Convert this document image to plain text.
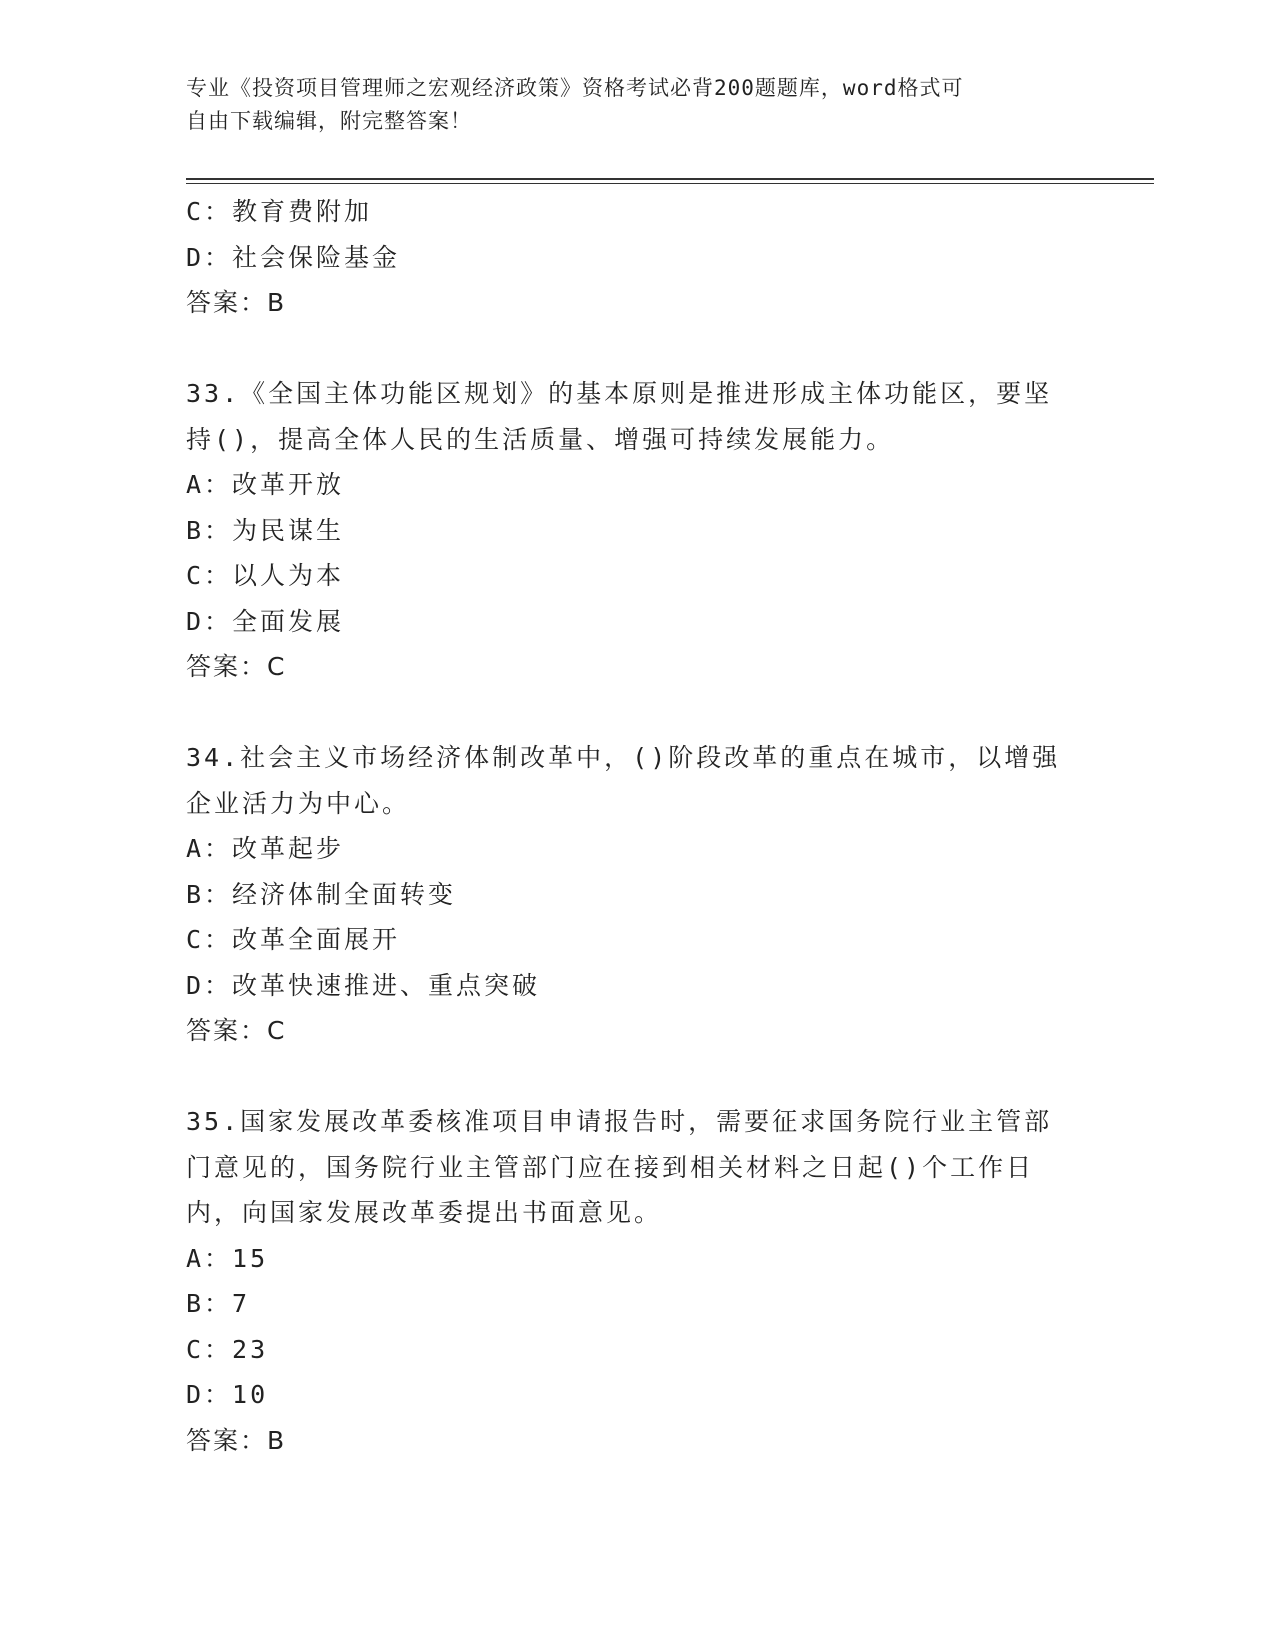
专业《投资项目管理师之宏观经济政策》资格考试必背200题题库，word格式可
自由下载编辑，附完整答案！
C：教育费附加
D：社会保险基金
答案：B
33.《全国主体功能区规划》的基本原则是推进形成主体功能区，要坚
持()，提高全体人民的生活质量、增强可持续发展能力。
A：改革开放
B：为民谋生
C：以人为本
D：全面发展
答案：C
34.社会主义市场经济体制改革中，()阶段改革的重点在城市，以增强
企业活力为中心。
A：改革起步
B：经济体制全面转变
C：改革全面展开
D：改革快速推进、重点突破
答案：C
35.国家发展改革委核准项目申请报告时，需要征求国务院行业主管部
门意见的，国务院行业主管部门应在接到相关材料之日起()个工作日
内，向国家发展改革委提出书面意见。
A：15
B：7
C：23
D：10
答案：B
